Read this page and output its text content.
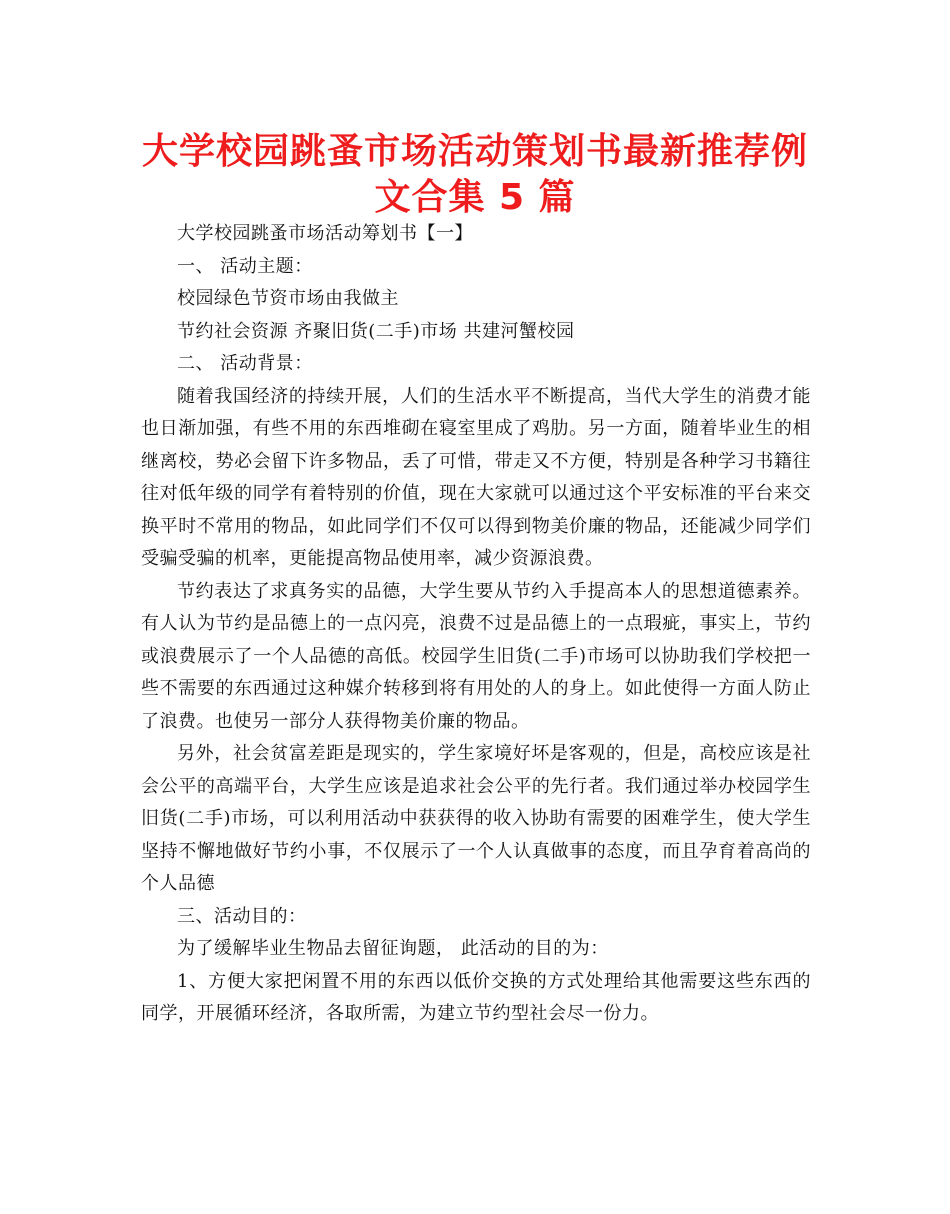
大学校园跳蚤市场活动策划书最新推荐例
文合集 5 篇

大学校园跳蚤市场活动筹划书【一】

一、 活动主题：

校园绿色节资市场由我做主

节约社会资源 齐聚旧货(二手)市场 共建河蟹校园

二、 活动背景：

随着我国经济的持续开展，人们的生活水平不断提高，当代大学生的消费才能也日渐加强，有些不用的东西堆砌在寝室里成了鸡肋。另一方面，随着毕业生的相继离校，势必会留下许多物品，丢了可惜，带走又不方便，特别是各种学习书籍往往对低年级的同学有着特别的价值，现在大家就可以通过这个平安标准的平台来交换平时不常用的物品，如此同学们不仅可以得到物美价廉的物品，还能减少同学们受骗受骗的机率，更能提高物品使用率，减少资源浪费。

节约表达了求真务实的品德，大学生要从节约入手提高本人的思想道德素养。有人认为节约是品德上的一点闪亮，浪费不过是品德上的一点瑕疵，事实上，节约或浪费展示了一个人品德的高低。校园学生旧货(二手)市场可以协助我们学校把一些不需要的东西通过这种媒介转移到将有用处的人的身上。如此使得一方面人防止了浪费。也使另一部分人获得物美价廉的物品。

另外，社会贫富差距是现实的，学生家境好坏是客观的，但是，高校应该是社会公平的高端平台，大学生应该是追求社会公平的先行者。我们通过举办校园学生旧货(二手)市场，可以利用活动中获获得的收入协助有需要的困难学生，使大学生坚持不懈地做好节约小事，不仅展示了一个人认真做事的态度，而且孕育着高尚的个人品德

三、活动目的：

为了缓解毕业生物品去留征询题， 此活动的目的为：

1、方便大家把闲置不用的东西以低价交换的方式处理给其他需要这些东西的同学，开展循环经济，各取所需，为建立节约型社会尽一份力。
